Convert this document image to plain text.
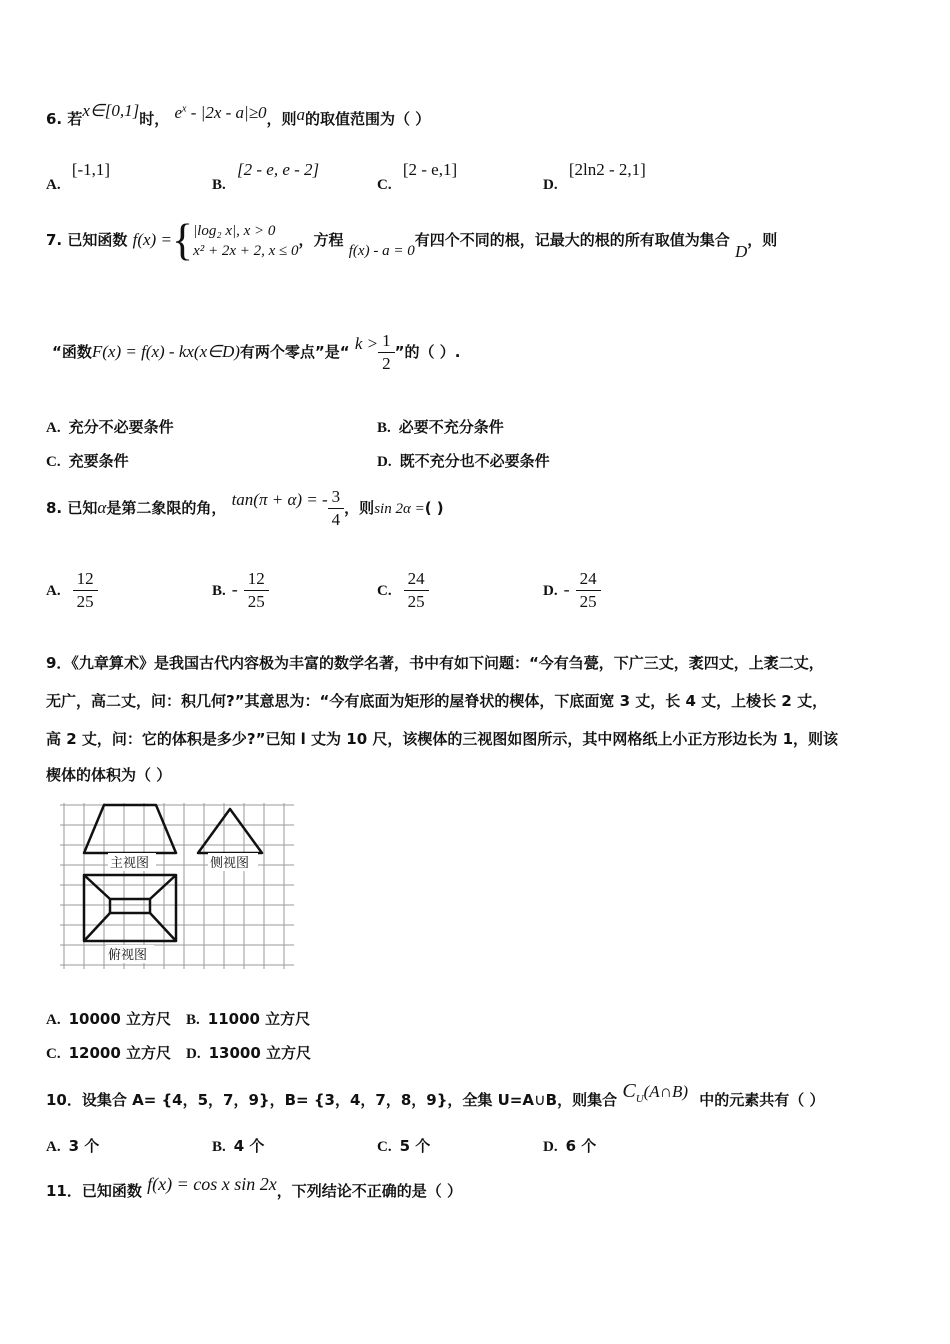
6. 若x∈[0,1]时， $e^x - |2x - a|\ge 0$，则a的取值范围为（ ）
A. [-1,1]
B. [2 - e, e - 2]
C. [2 - e,1]
D. [2ln2 - 2,1]
7. 已知函数 f(x) ={ |log₂ x|, x > 0
x² + 2x + 2, x ≤ 0
，方程 f(x) - a = 0有四个不同的根，记最大的根的所有取值为集合 D，则
“函数F(x) = f(x) - kx(x∈D)有两个零点”是“ $k > \frac{1}{2}$ ”的（ ）.
A. 充分不必要条件	B. 必要不充分条件
C. 充要条件	D. 既不充分也不必要条件
8. 已知α是第二象限的角， tan(π + α) = - $\frac{3}{4}$ ，则sin 2α =( )
A. $\frac{12}{25}$	B. - $\frac{12}{25}$	C. $\frac{24}{25}$	D. - $\frac{24}{25}$
9．《九章算术》是我国古代内容极为丰富的数学名著，书中有如下问题：“今有刍甍，下广三丈，袤四丈，上袤二丈，
无广，高二丈，问：积几何?”其意思为：“今有底面为矩形的屋脊状的楔体，下底面宽 3 丈，长 4 丈，上棱长 2 丈，
高 2 丈，问：它的体积是多少?”已知 l 丈为 10 尺，该楔体的三视图如图所示，其中网格纸上小正方形边长为 1，则该
楔体的体积为（ ）
主视图	侧视图
俯视图
A. 10000 立方尺 B. 11000 立方尺
C. 12000 立方尺 D. 13000 立方尺
10．设集合 A= {4，5，7，9}，B= {3，4，7，8，9}，全集 U=A∪B，则集合 $C_U(A\cap B)$ 中的元素共有（ ）
A. 3 个	B. 4 个	C. 5 个	D. 6 个
11．已知函数 f(x) = cos x sin 2x，下列结论不正确的是（ ）
